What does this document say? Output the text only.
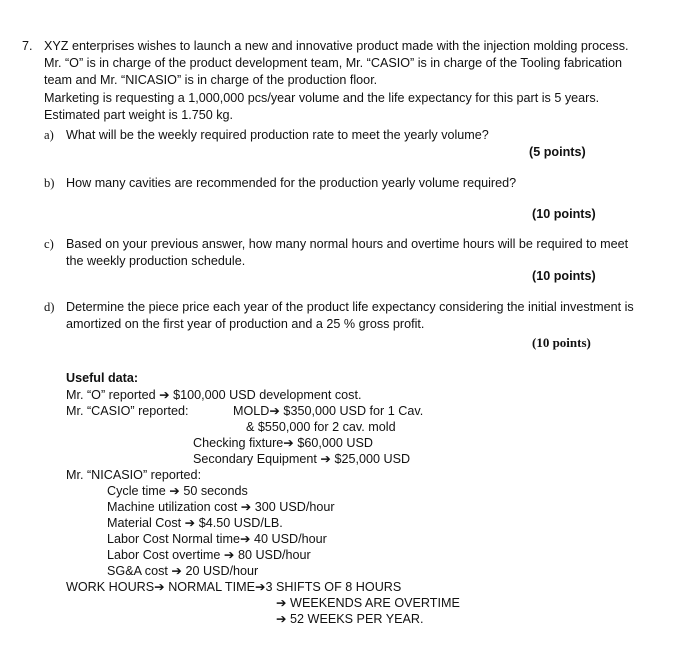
7. XYZ enterprises wishes to launch a new and innovative product made with the injection molding process.
Mr. “O” is in charge of the product development team, Mr. “CASIO” is in charge of the Tooling fabrication
team and Mr. “NICASIO” is in charge of the production floor.
Marketing is requesting a 1,000,000 pcs/year volume and the life expectancy for this part is 5 years.
Estimated part weight is 1.750 kg.
a) What will be the weekly required production rate to meet the yearly volume?
(5 points)
b) How many cavities are recommended for the production yearly volume required?
(10 points)
c) Based on your previous answer, how many normal hours and overtime hours will be required to meet
the weekly production schedule.
(10 points)
d) Determine the piece price each year of the product life expectancy considering the initial investment is
amortized on the first year of production and a 25 % gross profit.
(10 points)
Useful data:
Mr. “O” reported ➔ $100,000 USD development cost.
Mr. “CASIO” reported:	MOLD➔ $350,000 USD for 1 Cav.
& $550,000 for 2 cav. mold
Checking fixture➔ $60,000 USD
Secondary Equipment ➔ $25,000 USD
Mr. “NICASIO” reported:
Cycle time ➔ 50 seconds
Machine utilization cost ➔ 300 USD/hour
Material Cost ➔ $4.50 USD/LB.
Labor Cost Normal time➔ 40 USD/hour
Labor Cost overtime ➔ 80 USD/hour
SG&A cost ➔ 20 USD/hour
WORK HOURS➔ NORMAL TIME➔3 SHIFTS OF 8 HOURS
➔ WEEKENDS ARE OVERTIME
➔ 52 WEEKS PER YEAR.
